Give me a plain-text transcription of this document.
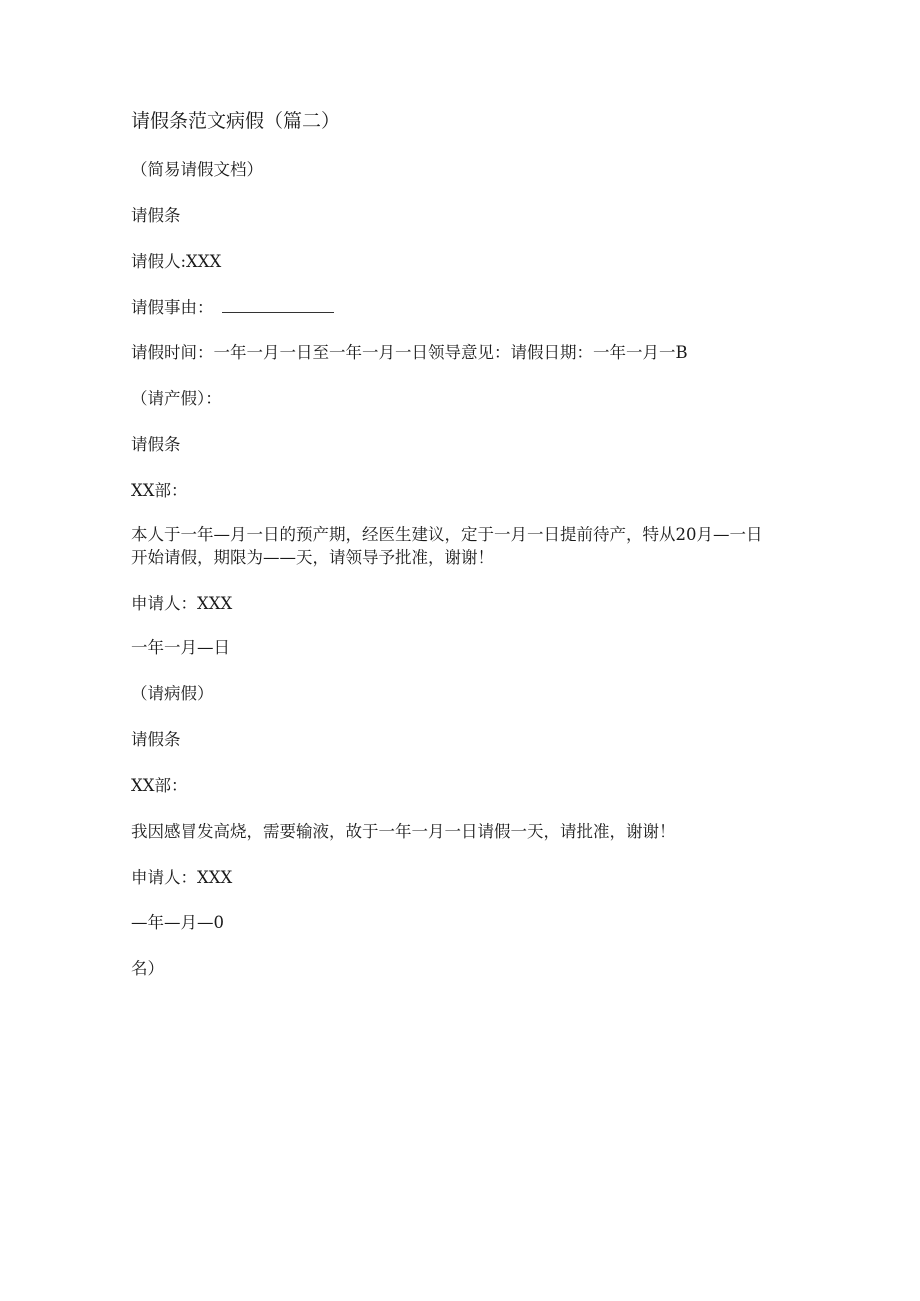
请假条范文病假（篇二）
（简易请假文档）
请假条
请假人:XXX
请假事由：
请假时间：一年一月一日至一年一月一日领导意见：请假日期：一年一月一B
（请产假）：
请假条
XX部：
本人于一年—月一日的预产期，经医生建议，定于一月一日提前待产，特从20月—一日
开始请假，期限为——天，请领导予批准，谢谢！
申请人：XXX
一年一月—日
（请病假）
请假条
XX部：
我因感冒发高烧，需要输液，故于一年一月一日请假一天，请批准，谢谢！
申请人：XXX
—年—月—0
名）
